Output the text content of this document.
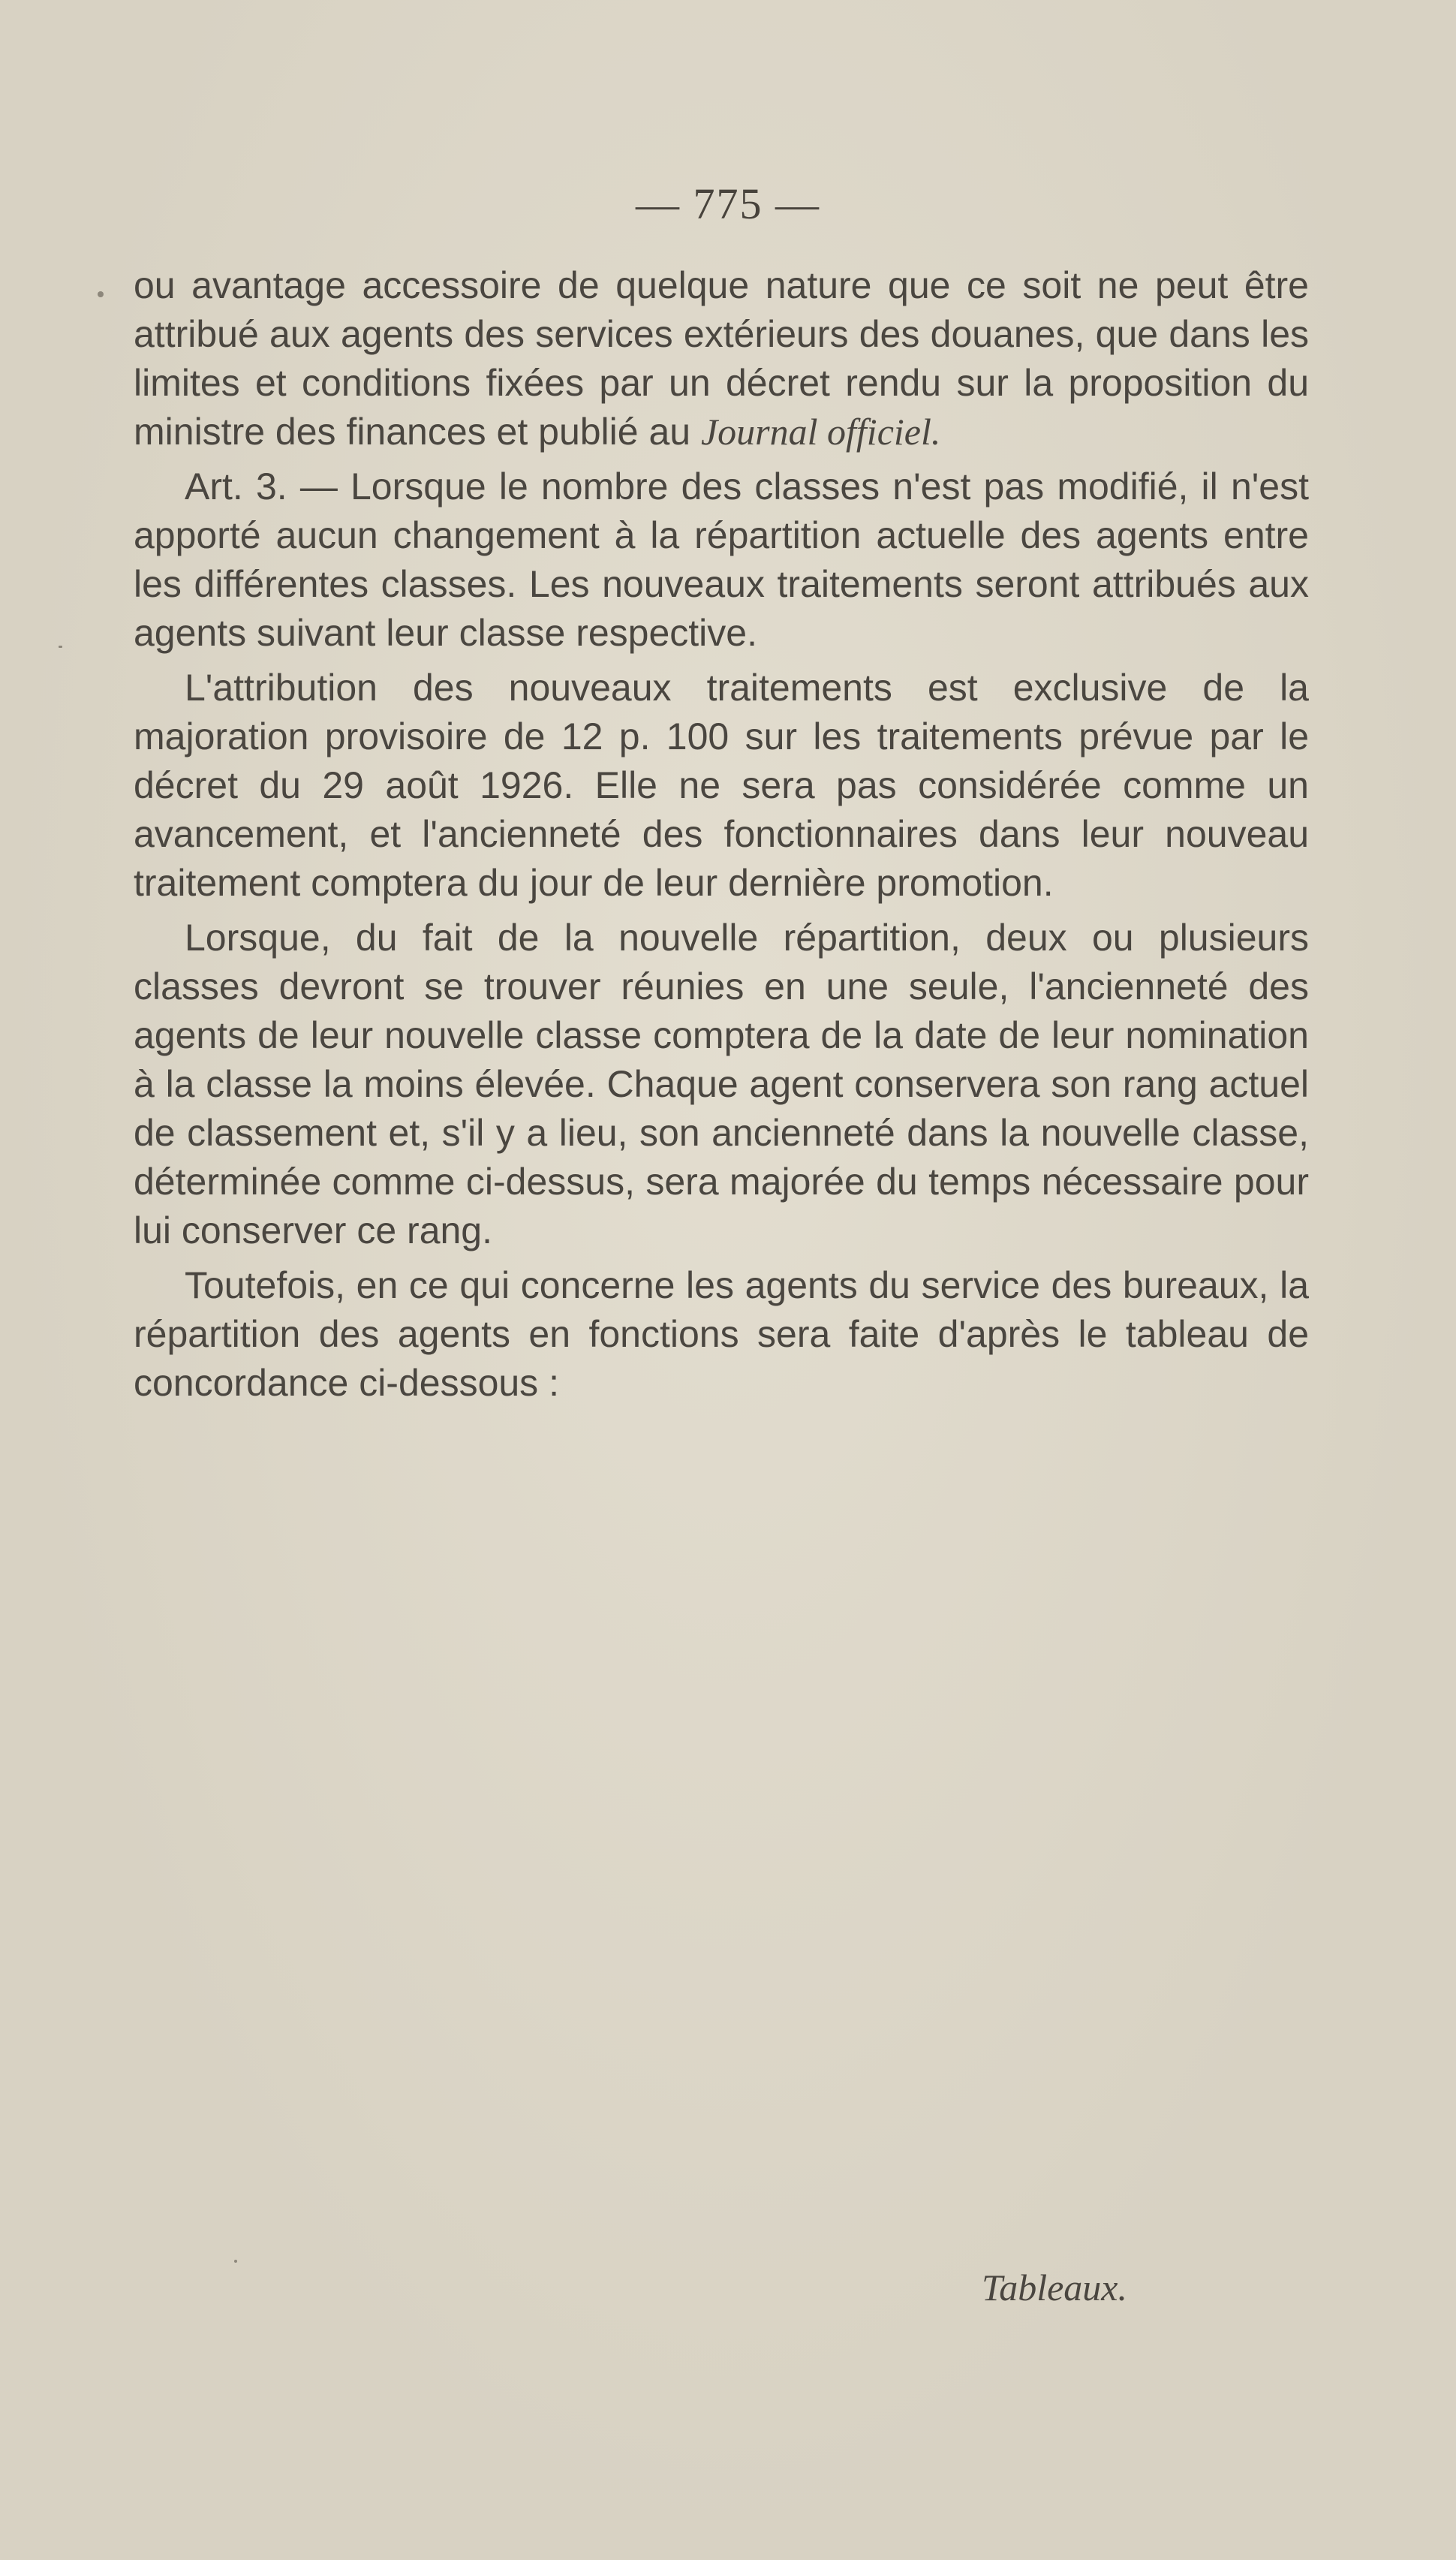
— 775 —

ou avantage accessoire de quelque nature que ce soit ne peut être attribué aux agents des services extérieurs des douanes, que dans les limites et conditions fixées par un décret rendu sur la proposition du ministre des finances et publié au Journal officiel.

Art. 3. — Lorsque le nombre des classes n'est pas modifié, il n'est apporté aucun changement à la répartition actuelle des agents entre les différentes classes. Les nouveaux traitements seront attribués aux agents suivant leur classe respective.

L'attribution des nouveaux traitements est exclusive de la majoration provisoire de 12 p. 100 sur les traitements prévue par le décret du 29 août 1926. Elle ne sera pas considérée comme un avancement, et l'ancienneté des fonctionnaires dans leur nouveau traitement comptera du jour de leur dernière promotion.

Lorsque, du fait de la nouvelle répartition, deux ou plusieurs classes devront se trouver réunies en une seule, l'ancienneté des agents de leur nouvelle classe comptera de la date de leur nomination à la classe la moins élevée. Chaque agent conservera son rang actuel de classement et, s'il y a lieu, son ancienneté dans la nouvelle classe, déterminée comme ci-dessus, sera majorée du temps nécessaire pour lui conserver ce rang.

Toutefois, en ce qui concerne les agents du service des bureaux, la répartition des agents en fonctions sera faite d'après le tableau de concordance ci-dessous :

Tableaux.
